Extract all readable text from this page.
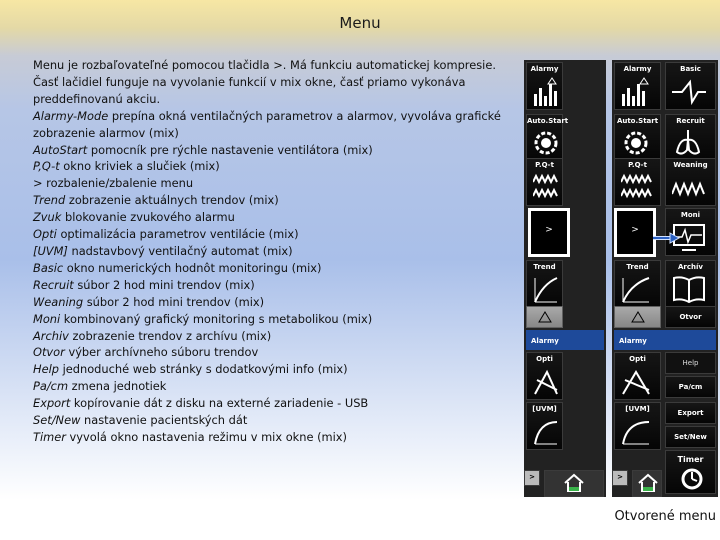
Menu
Menu je rozbaľovateľné pomocou tlačidla >. Má funkciu automatickej kompresie.
Časť lačidiel funguje na vyvolanie funkcií v mix okne, časť priamo vykonáva
preddefinovanú akciu.
Alarmy-Mode prepína okná ventilačných parametrov a alarmov, vyvoláva grafické
zobrazenie alarmov (mix)
AutoStart pomocník pre rýchle nastavenie ventilátora (mix)
P,Q-t okno kriviek a slučiek (mix)
> rozbalenie/zbalenie menu
Trend zobrazenie aktuálnych trendov (mix)
Zvuk blokovanie zvukového alarmu
Opti optimalizácia parametrov ventilácie (mix)
[UVM] nadstavbový ventilačný automat (mix)
Basic okno numerických hodnôt monitoringu (mix)
Recruit súbor 2 hod mini trendov (mix)
Weaning súbor 2 hod mini trendov (mix)
Moni kombinovaný grafický monitoring s metabolikou (mix)
Archiv zobrazenie trendov z archívu (mix)
Otvor výber archívneho súboru trendov
Help jednoduché web stránky s dodatkovými info (mix)
Pa/cm zmena jednotiek
Export kopírovanie dát z disku na externé zariadenie - USB
Set/New nastavenie pacientských dát
Timer vyvolá okno nastavenia režimu v mix okne (mix)
Alarmy
Auto.Start
P.Q-t
>
Trend
Alarmy
Opti
[UVM]
>
Alarmy	Basic
Auto.Start	Recruit
P.Q-t	Weaning
>
Moni
Trend	Archív
Otvor
Alarmy
Opti	Help
Pa/cm
[UVM]	Export
Set/New
Timer
>
Otvorené menu
